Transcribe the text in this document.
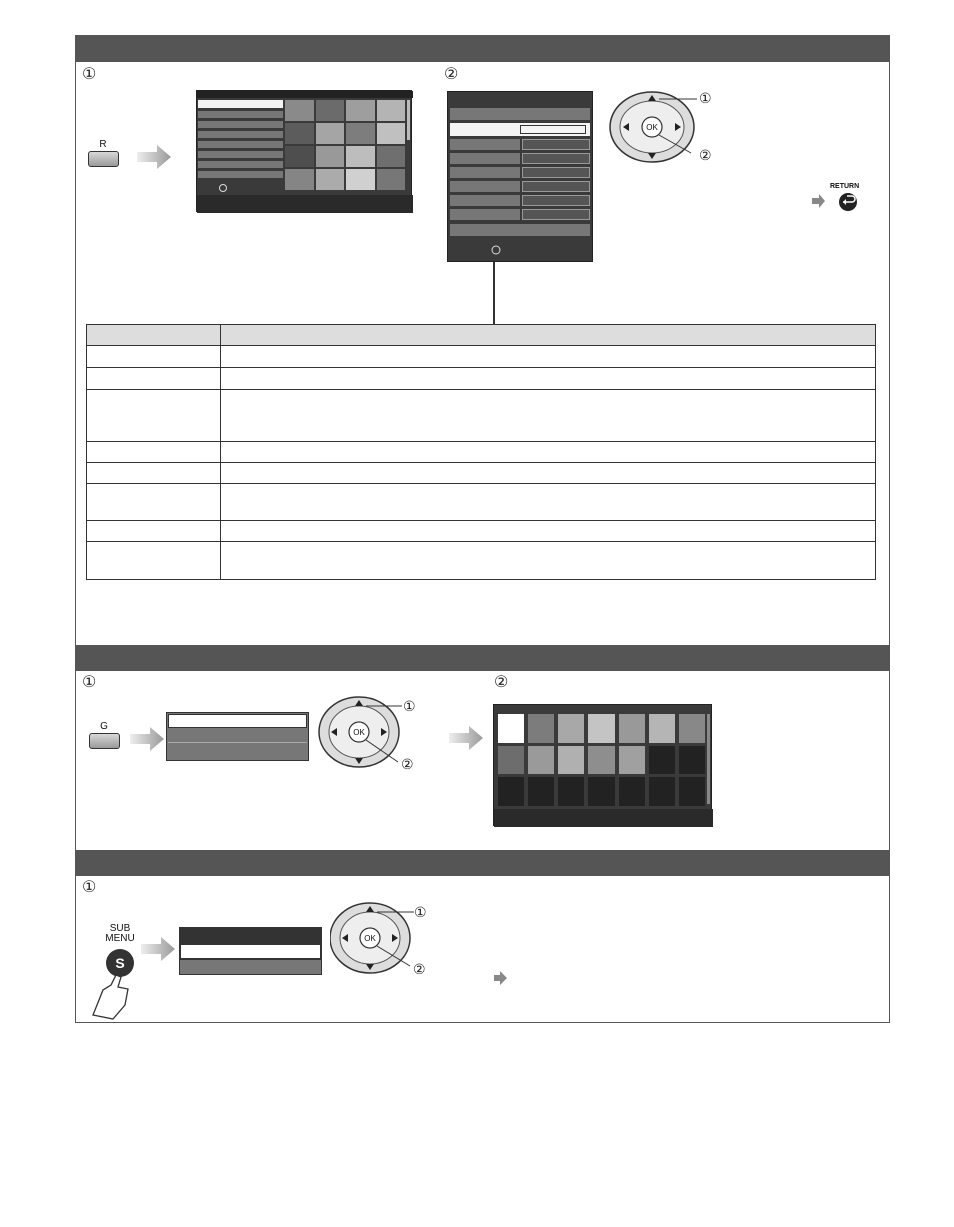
①	②
R
OK
①
②
RETURN

①	②
G
OK
①
②
①
SUB
MENU
S
OK
①
②
